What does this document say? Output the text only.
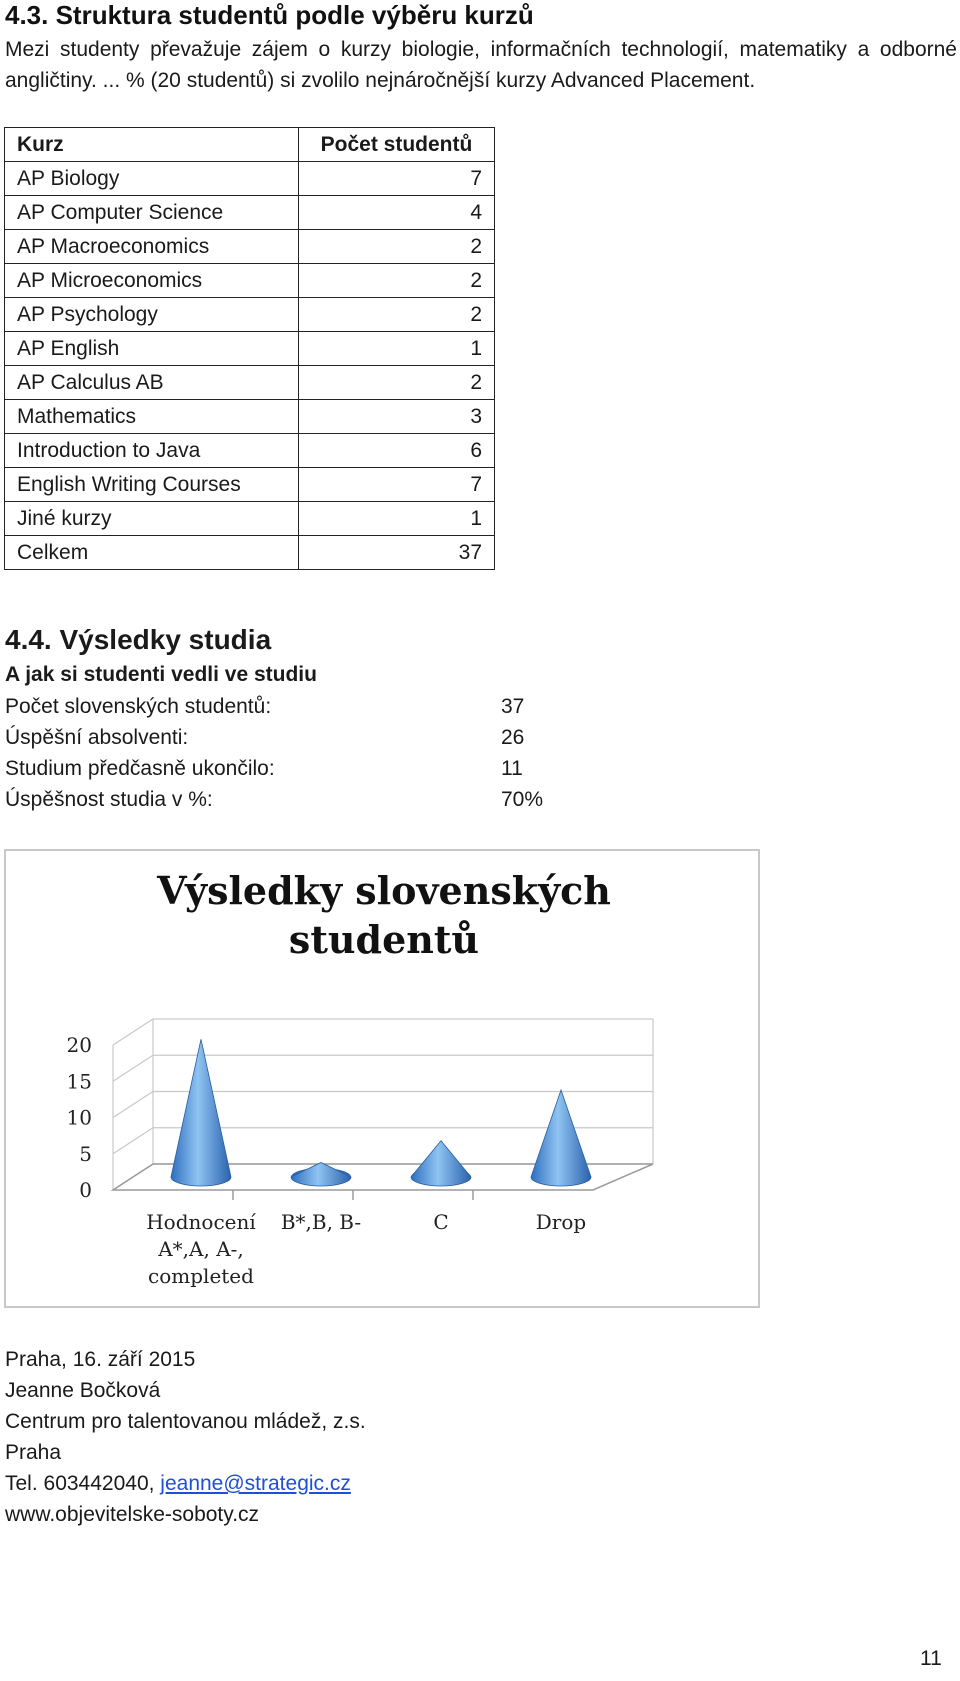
4.3. Struktura studentů podle výběru kurzů
Mezi studenty převažuje zájem o kurzy biologie, informačních technologií, matematiky a odborné angličtiny. ... % (20 studentů) si zvolilo nejnáročnější kurzy Advanced Placement.
Kurz	Počet studentů
AP Biology	7
AP Computer Science	4
AP Macroeconomics	2
AP Microeconomics	2
AP Psychology	2
AP English	1
AP Calculus AB	2
Mathematics	3
Introduction to Java	6
English Writing Courses	7
Jiné kurzy	1
Celkem	37
4.4. Výsledky studia
A jak si studenti vedli ve studiu
Počet slovenských studentů:	37
Úspěšní absolventi:	26
Studium předčasně ukončilo:	11
Úspěšnost studia v %:	70%
Výsledky slovenských
studentů
0
5
10
15
20
Hodnocení A*,A, A-, completed
B*,B, B-	C	Drop
Praha, 16. září 2015
Jeanne Bočková
Centrum pro talentovanou mládež, z.s.
Praha
Tel. 603442040, jeanne@strategic.cz
www.objevitelske-soboty.cz
11
